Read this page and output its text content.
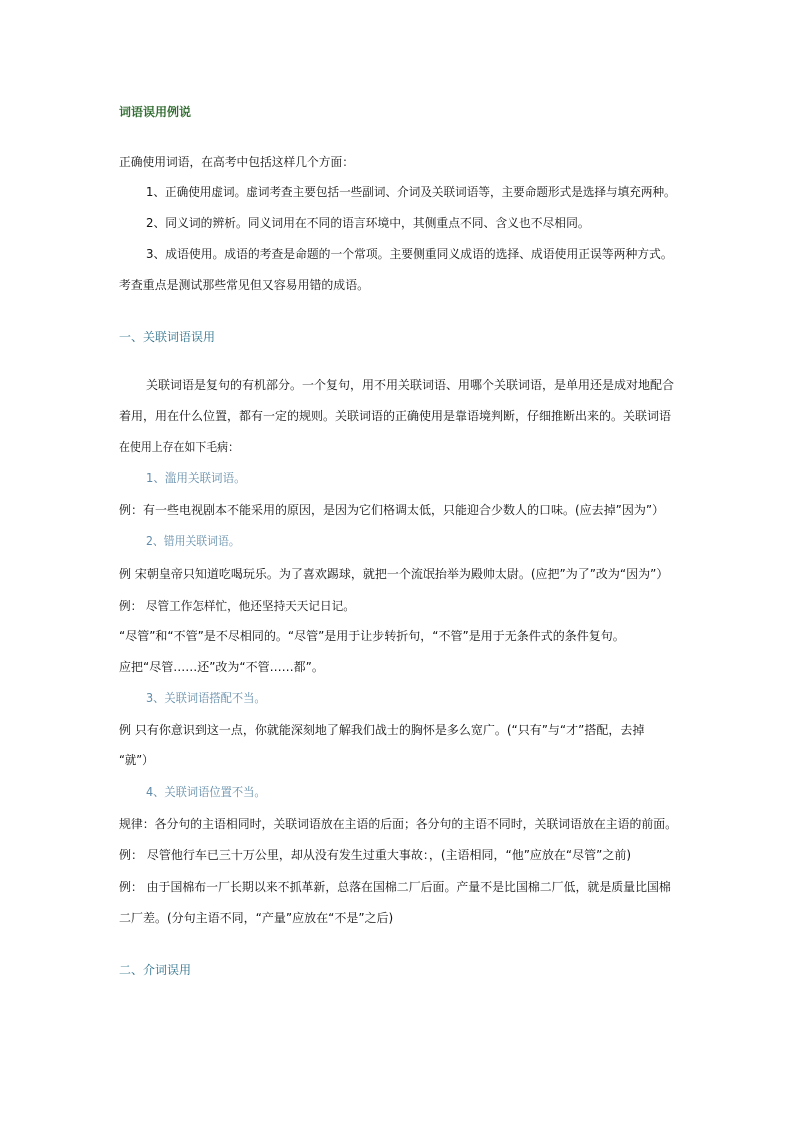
词语误用例说
正确使用词语，在高考中包括这样几个方面：
1、正确使用虚词。虚词考查主要包括一些副词、介词及关联词语等，主要命题形式是选择与填充两种。
2、同义词的辨析。同义词用在不同的语言环境中，其侧重点不同、含义也不尽相同。
3、成语使用。成语的考查是命题的一个常项。主要侧重同义成语的选择、成语使用正误等两种方式。
考查重点是测试那些常见但又容易用错的成语。
一、关联词语误用
关联词语是复句的有机部分。一个复句，用不用关联词语、用哪个关联词语，是单用还是成对地配合
着用，用在什么位置，都有一定的规则。关联词语的正确使用是靠语境判断，仔细推断出来的。关联词语
在使用上存在如下毛病：
1、滥用关联词语。
例：有一些电视剧本不能采用的原因，是因为它们格调太低，只能迎合少数人的口味。(应去掉”因为”）
2、错用关联词语。
例 宋朝皇帝只知道吃喝玩乐。为了喜欢踢球，就把一个流氓抬举为殿帅太尉。(应把”为了”改为“因为”）
例： 尽管工作怎样忙，他还坚持天天记日记。
“尽管”和“不管”是不尽相同的。“尽管”是用于让步转折句，“不管”是用于无条件式的条件复句。
应把“尽管……还”改为“不管……都”。
3、关联词语搭配不当。
例 只有你意识到这一点，你就能深刻地了解我们战士的胸怀是多么宽广。(“只有”与“才”搭配，去掉
“就”）
4、关联词语位置不当。
规律：各分句的主语相同时，关联词语放在主语的后面；各分句的主语不同时，关联词语放在主语的前面。
例： 尽管他行车已三十万公里，却从没有发生过重大事故：，(主语相同，“他”应放在“尽管”之前)
例： 由于国棉布一厂长期以来不抓革新，总落在国棉二厂后面。产量不是比国棉二厂低，就是质量比国棉
二厂差。(分句主语不同，“产量”应放在“不是”之后)
二、介词误用
